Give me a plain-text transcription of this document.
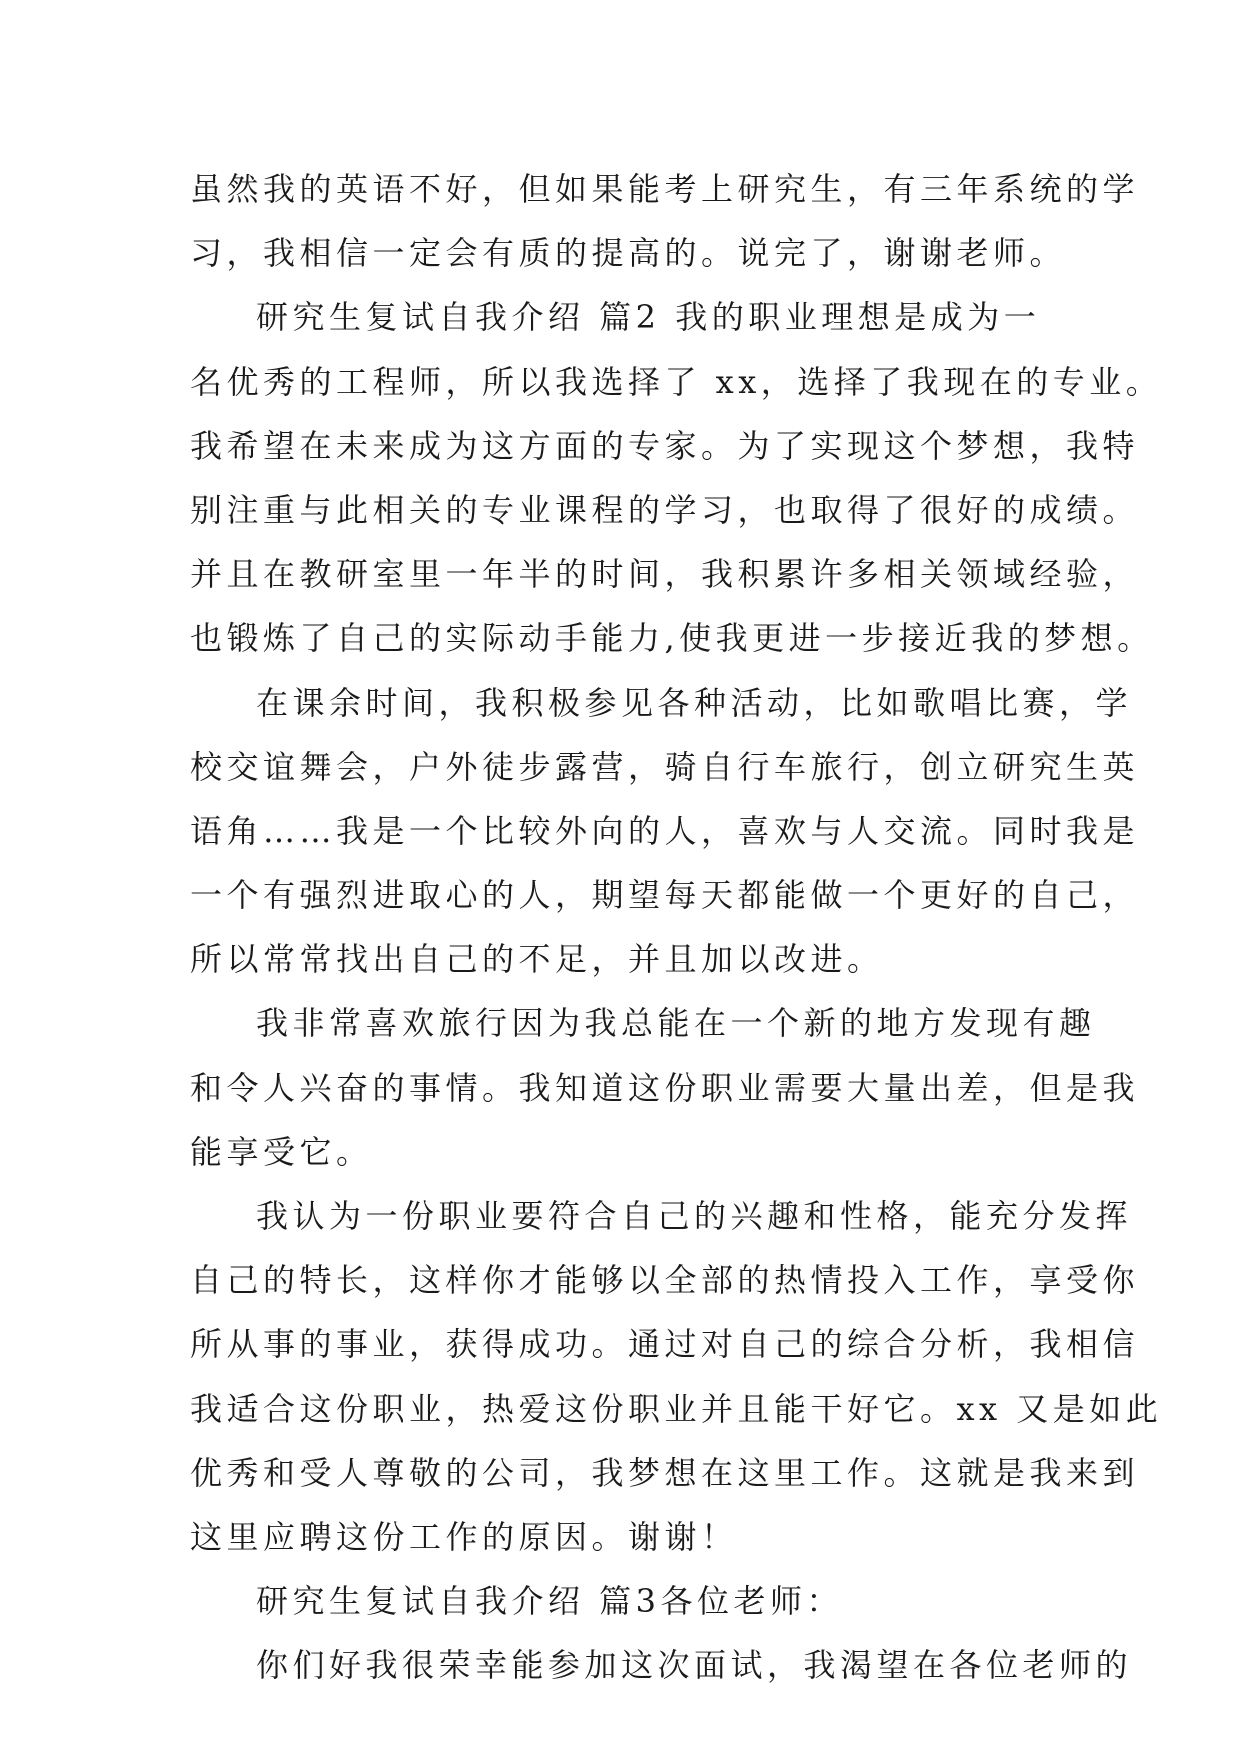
虽然我的英语不好，但如果能考上研究生，有三年系统的学
习，我相信一定会有质的提高的。说完了，谢谢老师。
研究生复试自我介绍 篇2 我的职业理想是成为一
名优秀的工程师，所以我选择了 xx，选择了我现在的专业。
我希望在未来成为这方面的专家。为了实现这个梦想，我特
别注重与此相关的专业课程的学习，也取得了很好的成绩。
并且在教研室里一年半的时间，我积累许多相关领域经验，
也锻炼了自己的实际动手能力,使我更进一步接近我的梦想。
在课余时间，我积极参见各种活动，比如歌唱比赛，学
校交谊舞会，户外徒步露营，骑自行车旅行，创立研究生英
语角……我是一个比较外向的人，喜欢与人交流。同时我是
一个有强烈进取心的人，期望每天都能做一个更好的自己，
所以常常找出自己的不足，并且加以改进。
我非常喜欢旅行因为我总能在一个新的地方发现有趣
和令人兴奋的事情。我知道这份职业需要大量出差，但是我
能享受它。
我认为一份职业要符合自己的兴趣和性格，能充分发挥
自己的特长，这样你才能够以全部的热情投入工作，享受你
所从事的事业，获得成功。通过对自己的综合分析，我相信
我适合这份职业，热爱这份职业并且能干好它。xx 又是如此
优秀和受人尊敬的公司，我梦想在这里工作。这就是我来到
这里应聘这份工作的原因。谢谢！
研究生复试自我介绍 篇3各位老师：
你们好我很荣幸能参加这次面试，我渴望在各位老师的
